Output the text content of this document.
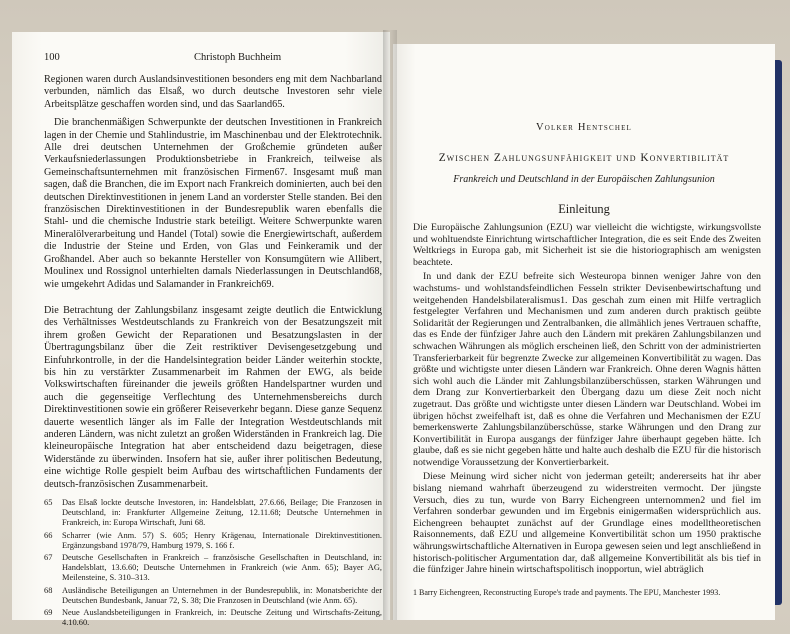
100	Christoph Buchheim

Regionen waren durch Auslandsinvestitionen besonders eng mit dem Nachbarland verbunden, nämlich das Elsaß, wo durch deutsche Investoren sehr viele Arbeitsplätze geschaffen worden sind, und das Saarland65.

Die branchenmäßigen Schwerpunkte der deutschen Investitionen in Frankreich lagen in der Chemie und Stahlindustrie, im Maschinenbau und der Elektrotechnik. Alle drei deutschen Unternehmen der Großchemie gründeten außer Verkaufsniederlassungen Produktionsbetriebe in Frankreich, teilweise als Gemeinschaftsunternehmen mit französischen Firmen67. Insgesamt muß man sagen, daß die Branchen, die im Export nach Frankreich dominierten, auch bei den deutschen Direktinvestitionen in jenem Land an vorderster Stelle standen. Bei den französischen Direktinvestitionen in der Bundesrepublik waren ebenfalls die Stahl- und die chemische Industrie stark beteiligt. Weitere Schwerpunkte waren Mineralölverarbeitung und Handel (Total) sowie die Energiewirtschaft, außerdem die Industrie der Steine und Erden, von Glas und Feinkeramik und der Großhandel. Aber auch so bekannte Hersteller von Konsumgütern wie Allibert, Moulinex und Rossignol unterhielten damals Niederlassungen in Deutschland68, wie umgekehrt Adidas und Salamander in Frankreich69.

Die Betrachtung der Zahlungsbilanz insgesamt zeigte deutlich die Entwicklung des Verhältnisses Westdeutschlands zu Frankreich von der Besatzungszeit mit ihrem großen Gewicht der Reparationen und Besatzungslasten in der Übertragungsbilanz über die Zeit restriktiver Devisengesetzgebung und Einfuhrkontrolle, in der die Handelsintegration beider Länder weiterhin stockte, bis hin zu verstärkter Zusammenarbeit im Rahmen der EWG, als beide Volkswirtschaften füreinander die jeweils größten Handelspartner wurden und auch die gegenseitige Verflechtung des Unternehmensbereichs durch Direktinvestitionen sowie ein größerer Reiseverkehr begann. Diese ganze Sequenz dauerte wesentlich länger als im Falle der Integration Westdeutschlands mit anderen Ländern, was nicht zuletzt an großen Widerständen in Frankreich lag. Die kleineuropäische Integration hat aber entscheidend dazu beigetragen, diese Widerstände zu überwinden. Insofern hat sie, außer ihrer politischen Bedeutung, eine wichtige Rolle gespielt beim Aufbau des wirtschaftlichen Fundaments der deutsch-französischen Zusammenarbeit.

65	Das Elsaß lockte deutsche Investoren, in: Handelsblatt, 27.6.66, Beilage; Die Franzosen in Deutschland, in: Frankfurter Allgemeine Zeitung, 12.11.68; Deutsche Unternehmen in Frankreich, in: Europa Wirtschaft, Juni 68.
66	Scharrer (wie Anm. 57) S. 605; Henry Krägenau, Internationale Direktinvestitionen. Ergänzungsband 1978/79, Hamburg 1979, S. 166 f.
67	Deutsche Gesellschaften in Frankreich – französische Gesellschaften in Deutschland, in: Handelsblatt, 13.6.60; Deutsche Unternehmen in Frankreich (wie Anm. 65); Bayer AG, Meilensteine, S. 310–313.
68	Ausländische Beteiligungen an Unternehmen in der Bundesrepublik, in: Monatsberichte der Deutschen Bundesbank, Januar 72, S. 38; Die Franzosen in Deutschland (wie Anm. 65).
69	Neue Auslandsbeteiligungen in Frankreich, in: Deutsche Zeitung und Wirtschafts-Zeitung, 4.10.60.
Volker Hentschel
Zwischen Zahlungsunfähigkeit und Konvertibilität
Frankreich und Deutschland in der Europäischen Zahlungsunion
Einleitung

Die Europäische Zahlungsunion (EZU) war vielleicht die wichtigste, wirkungsvollste und wohltuendste Einrichtung wirtschaftlicher Integration, die es seit Ende des Zweiten Weltkriegs in Europa gab, mit Sicherheit ist sie die historiographisch am wenigsten beachtete.

In und dank der EZU befreite sich Westeuropa binnen weniger Jahre von den wachstums- und wohlstandsfeindlichen Fesseln strikter Devisenbewirtschaftung und weitgehenden Handelsbilateralismus1. Das geschah zum einen mit Hilfe vertraglich festgelegter Verfahren und Mechanismen und zum anderen durch praktisch geübte Solidarität der Regierungen und Zentralbanken, die allmählich jenes Vertrauen schaffte, das es Ende der fünfziger Jahre auch den Ländern mit prekären Zahlungsbilanzen und schwachen Währungen als möglich erscheinen ließ, den Schritt von der administrierten Transferierbarkeit für begrenzte Zwecke zur allgemeinen Konvertibilität zu wagen. Das größte und wichtigste unter diesen Ländern war Frankreich. Ohne deren Wagnis hätten sich wohl auch die Länder mit Zahlungsbilanzüberschüssen, starken Währungen und dem Drang zur Konvertierbarkeit den Übergang dazu um diese Zeit noch nicht zugetraut. Das größte und wichtigste unter diesen Ländern war Deutschland. Wobei im übrigen höchst zweifelhaft ist, daß es ohne die Verfahren und Mechanismen der EZU bemerkenswerte Zahlungsbilanzüberschüsse, starke Währungen und den Drang zur Konvertibilität in Europa ausgangs der fünfziger Jahre überhaupt gegeben hätte. Ich glaube, daß es sie nicht gegeben hätte und halte auch deshalb die EZU für die historisch notwendige Voraussetzung der Konvertierbarkeit.

Diese Meinung wird sicher nicht von jederman geteilt; andererseits hat ihr aber bislang niemand wahrhaft überzeugend zu widerstreiten vermocht. Der jüngste Versuch, dies zu tun, wurde von Barry Eichengreen unternommen2 und fiel im Verfahren sonderbar gewunden und im Ergebnis einigermaßen widersprüchlich aus. Eichengreen behauptet zunächst auf der Grundlage eines modelltheoretischen Raisonnements, daß EZU und allgemeine Konvertibilität schon um 1950 praktische währungswirtschaftliche Alternativen in Europa gewesen seien und legt anschließend in historisch-politischer Argumentation dar, daß allgemeine Konvertibilität als bis tief in die fünfziger Jahre hinein wirtschaftspolitisch inopportun, wiel abträglich

1 Barry Eichengreen, Reconstructing Europe's trade and payments. The EPU, Manchester 1993.
